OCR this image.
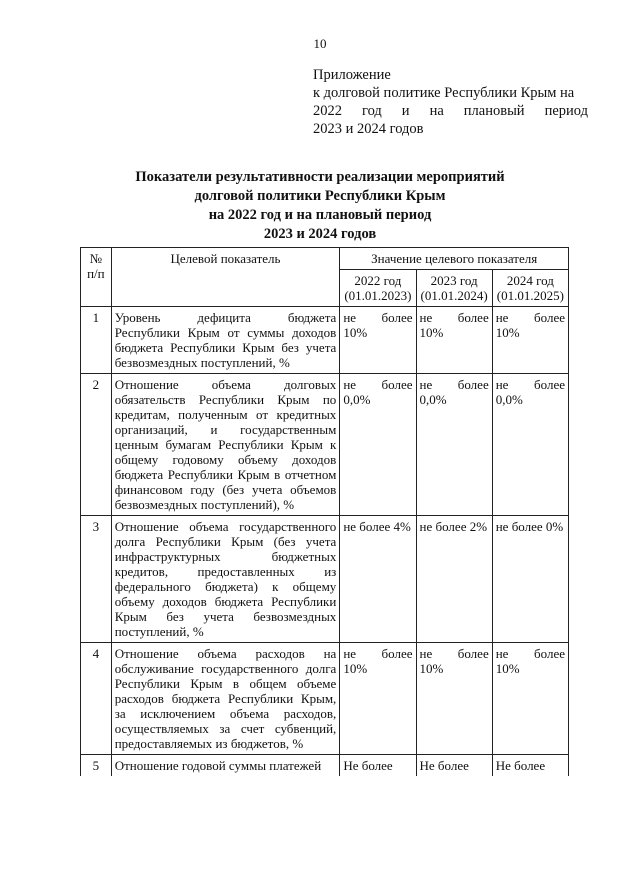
10
Приложение
к долговой политике Республики Крым на
2022 год и на плановый период
2023 и 2024 годов
Показатели результативности реализации мероприятий
долговой политики Республики Крым
на 2022 год и на плановый период
2023 и 2024 годов
№ п/п	Целевой показатель	Значение целевого показателя		
		2022 год (01.01.2023)	2023 год (01.01.2024)	2024 год (01.01.2025)
1	Уровень дефицита бюджета Республики Крым от суммы доходов бюджета Республики Крым без учета безвозмездных поступлений, %	не более 10%	не более 10%	не более 10%
2	Отношение объема долговых обязательств Республики Крым по кредитам, полученным от кредитных организаций, и государственным ценным бумагам Республики Крым к общему годовому объему доходов бюджета Республики Крым в отчетном финансовом году (без учета объемов безвозмездных поступлений), %	не более 0,0%	не более 0,0%	не более 0,0%
3	Отношение объема государственного долга Республики Крым (без учета инфраструктурных бюджетных кредитов, предоставленных из федерального бюджета) к общему объему доходов бюджета Республики Крым без учета безвозмездных поступлений, %	не более 4%	не более 2%	не более 0%
4	Отношение объема расходов на обслуживание государственного долга Республики Крым в общем объеме расходов бюджета Республики Крым, за исключением объема расходов, осуществляемых за счет субвенций, предоставляемых из бюджетов, %	не более 10%	не более 10%	не более 10%
5	Отношение годовой суммы платежей	Не более	Не более	Не более
